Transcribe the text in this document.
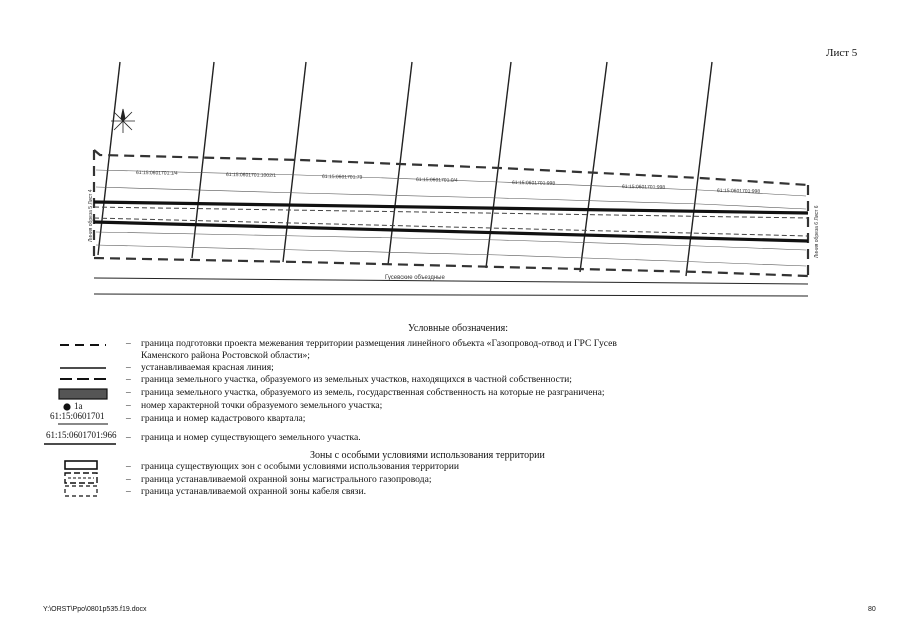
Лист 5
61:15:0601701:1/4	61:15:0601701:1002/1	61:15:0601701:79	61:15:0601701:0/4	61:15:0601701:998
61:15:0601701:998
61:15:0601701:998
Линия обреза 5 Лист 4	Линия обреза 6 Лист 6
Гусевские объездные
Условные обозначения:
– граница подготовки проекта межевания территории размещения линейного объекта «Газопровод-отвод и ГРС Гусев
Каменского района Ростовской области»;
– устанавливаемая красная линия;
– граница земельного участка, образуемого из земельных участков, находящихся в частной собственности;
– граница земельного участка, образуемого из земель, государственная собственность на которые не разграничена;
1а	– номер характерной точки образуемого земельного участка;
61:15:0601701 – граница и номер кадастрового квартала;
61:15:0601701:966 – граница и номер существующего земельного участка.
Зоны с особыми условиями использования территории
– граница существующих зон с особыми условиями использования территории
– граница устанавливаемой охранной зоны магистрального газопровода;
– граница устанавливаемой охранной зоны кабеля связи.
Y:\ORST\Ppo\0801p535.f19.docx	80
